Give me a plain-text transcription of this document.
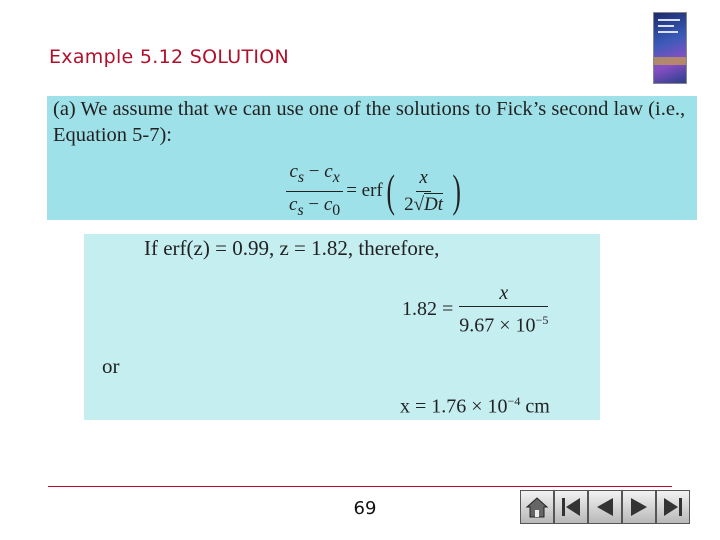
Example 5.12 SOLUTION
(a) We assume that we can use one of the solutions to Fick’s second law (i.e.,
Equation 5-7):
$\frac{c_s - c_x}{c_s - c_0}$ = erf ( $\frac{x}{2√Dt}$ )
If erf(z) = 0.99, z = 1.82, therefore,
$1.82 = \frac{x}{9.67 \times 10^{-5}}$
or
$x = 1.76 \times 10^{-4}$ cm
69
